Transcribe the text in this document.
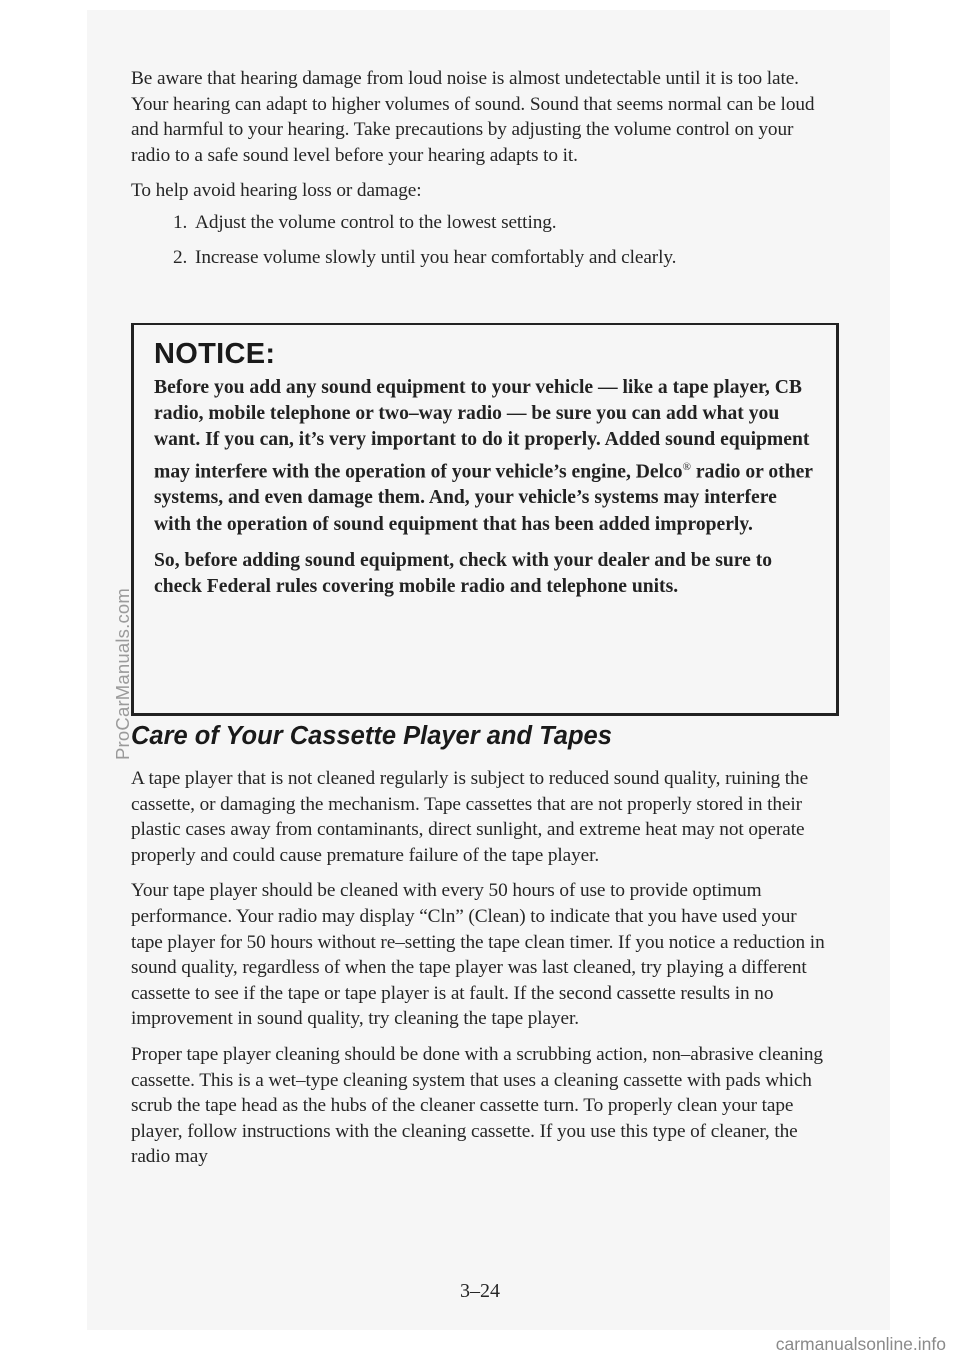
Be aware that hearing damage from loud noise is almost undetectable until it is too late. Your hearing can adapt to higher volumes of sound. Sound that seems normal can be loud and harmful to your hearing. Take precautions by adjusting the volume control on your radio to a safe sound level before your hearing adapts to it.

To help avoid hearing loss or damage:

1. Adjust the volume control to the lowest setting.
2. Increase volume slowly until you hear comfortably and clearly.
NOTICE:

Before you add any sound equipment to your vehicle — like a tape player, CB radio, mobile telephone or two–way radio — be sure you can add what you want. If you can, it’s very important to do it properly. Added sound equipment may interfere with the operation of your vehicle’s engine, Delco® radio or other systems, and even damage them. And, your vehicle’s systems may interfere with the operation of sound equipment that has been added improperly.

So, before adding sound equipment, check with your dealer and be sure to check Federal rules covering mobile radio and telephone units.

Care of Your Cassette Player and Tapes

A tape player that is not cleaned regularly is subject to reduced sound quality, ruining the cassette, or damaging the mechanism. Tape cassettes that are not properly stored in their plastic cases away from contaminants, direct sunlight, and extreme heat may not operate properly and could cause premature failure of the tape player.

Your tape player should be cleaned with every 50 hours of use to provide optimum performance. Your radio may display “Cln” (Clean) to indicate that you have used your tape player for 50 hours without re–setting the tape clean timer. If you notice a reduction in sound quality, regardless of when the tape player was last cleaned, try playing a different cassette to see if the tape or tape player is at fault. If the second cassette results in no improvement in sound quality, try cleaning the tape player.

Proper tape player cleaning should be done with a scrubbing action, non–abrasive cleaning cassette. This is a wet–type cleaning system that uses a cleaning cassette with pads which scrub the tape head as the hubs of the cleaner cassette turn. To properly clean your tape player, follow instructions with the cleaning cassette. If you use this type of cleaner, the radio may

3–24
ProCarManuals.com
carmanualsonline.info
